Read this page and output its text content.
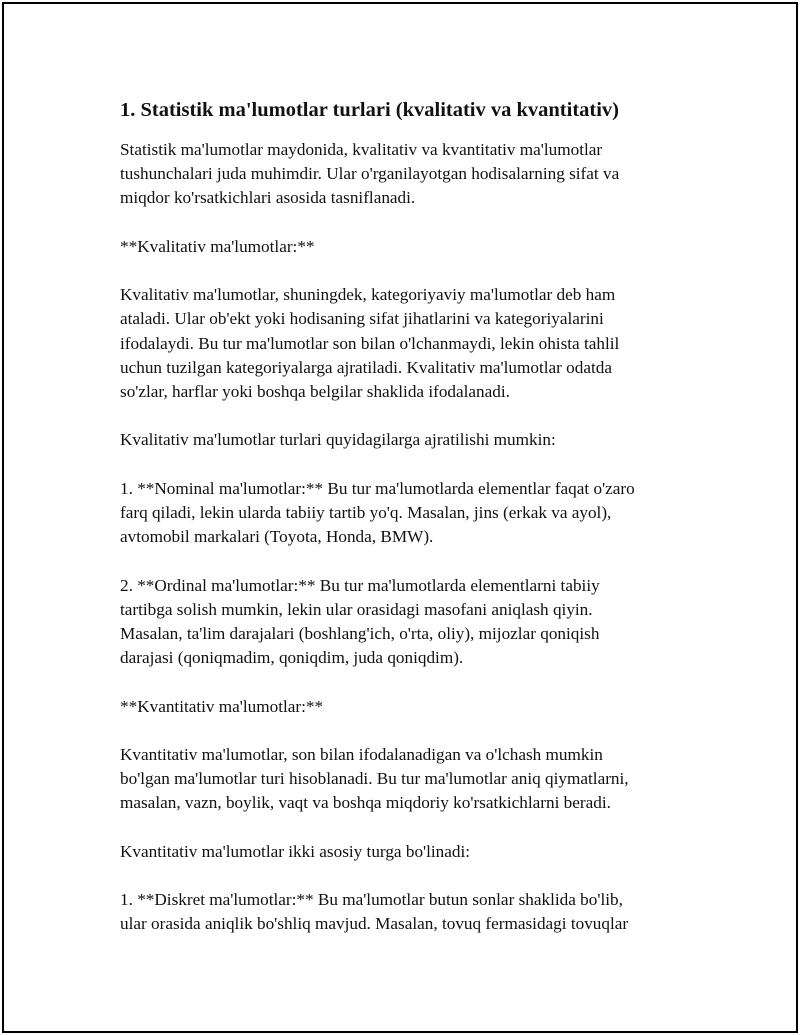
1. Statistik ma'lumotlar turlari (kvalitativ va kvantitativ)

Statistik ma'lumotlar maydonida, kvalitativ va kvantitativ ma'lumotlar
tushunchalari juda muhimdir. Ular o'rganilayotgan hodisalarning sifat va
miqdor ko'rsatkichlari asosida tasniflanadi.

**Kvalitativ ma'lumotlar:**

Kvalitativ ma'lumotlar, shuningdek, kategoriyaviy ma'lumotlar deb ham
ataladi. Ular ob'ekt yoki hodisaning sifat jihatlarini va kategoriyalarini
ifodalaydi. Bu tur ma'lumotlar son bilan o'lchanmaydi, lekin ohista tahlil
uchun tuzilgan kategoriyalarga ajratiladi. Kvalitativ ma'lumotlar odatda
so'zlar, harflar yoki boshqa belgilar shaklida ifodalanadi.

Kvalitativ ma'lumotlar turlari quyidagilarga ajratilishi mumkin:

1. **Nominal ma'lumotlar:** Bu tur ma'lumotlarda elementlar faqat o'zaro
farq qiladi, lekin ularda tabiiy tartib yo'q. Masalan, jins (erkak va ayol),
avtomobil markalari (Toyota, Honda, BMW).

2. **Ordinal ma'lumotlar:** Bu tur ma'lumotlarda elementlarni tabiiy
tartibga solish mumkin, lekin ular orasidagi masofani aniqlash qiyin.
Masalan, ta'lim darajalari (boshlang'ich, o'rta, oliy), mijozlar qoniqish
darajasi (qoniqmadim, qoniqdim, juda qoniqdim).

**Kvantitativ ma'lumotlar:**

Kvantitativ ma'lumotlar, son bilan ifodalanadigan va o'lchash mumkin
bo'lgan ma'lumotlar turi hisoblanadi. Bu tur ma'lumotlar aniq qiymatlarni,
masalan, vazn, boylik, vaqt va boshqa miqdoriy ko'rsatkichlarni beradi.

Kvantitativ ma'lumotlar ikki asosiy turga bo'linadi:

1. **Diskret ma'lumotlar:** Bu ma'lumotlar butun sonlar shaklida bo'lib,
ular orasida aniqlik bo'shliq mavjud. Masalan, tovuq fermasidagi tovuqlar
